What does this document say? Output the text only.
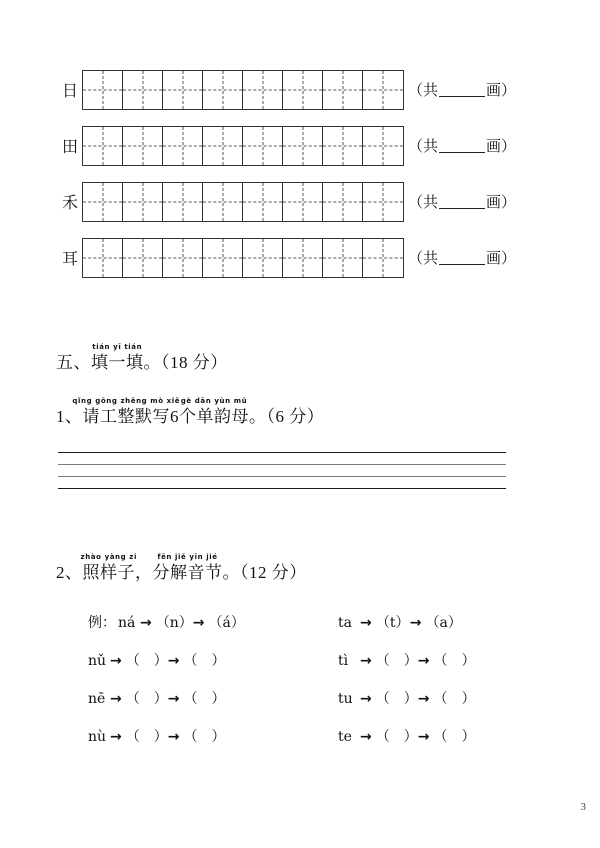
日	（共	画）
田	（共	画）
禾	（共	画）
耳	（共	画）
五、
tián yī tián
填一填。（18 分）
1、
qǐng gōng zhěng mò xiě
请工整默写6
gè dān yùn mǔ
个单韵母。（6 分）
2、
zhào yàng zi
照样子，
fēn jiě yīn jié
分解音节。（12 分）
例： ná → （n）→ （á）	ta → （t）→ （a）
nǔ → （　）→ （　）	tì → （　）→ （　）
nē → （　）→ （　）	tu → （　）→ （　）
nù → （　）→ （　）	te → （　）→ （　）
3
